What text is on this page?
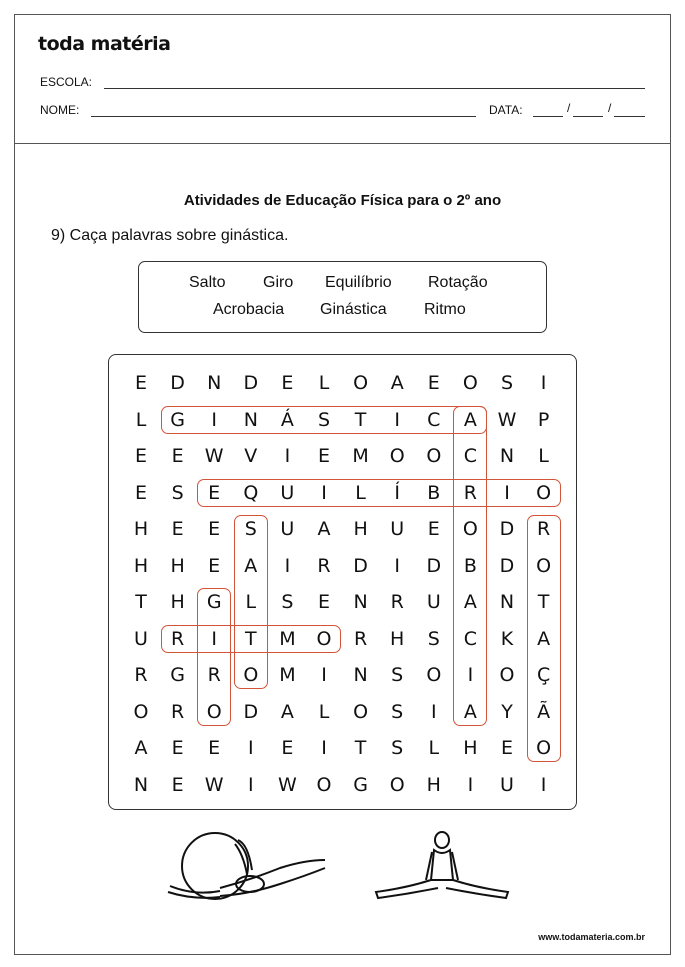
toda matéria
ESCOLA:
NOME:	DATA:	/	/
Atividades de Educação Física para o 2º ano
9) Caça palavras sobre ginástica.
Salto Giro Equilíbrio Rotação
Acrobacia Ginástica Ritmo
E	D	N	D	E	L	O	A	E	O	S	I
L	G	I	N	Á	S	T	I	C	A	W	P
E	E	W	V	I	E	M	O	O	C	N	L
E	S	E	Q	U	I	L	Í	B	R	I	O
H	E	E	S	U	A	H	U	E	O	D	R
H	H	E	A	I	R	D	I	D	B	D	O
T	H	G	L	S	E	N	R	U	A	N	T
U	R	I	T	M	O	R	H	S	C	K	A
R	G	R	O	M	I	N	S	O	I	O	Ç
O	R	O	D	A	L	O	S	I	A	Y	Ã
A	E	E	I	E	I	T	S	L	H	E	O
N	E	W	I	W	O	G	O	H	I	U	I
www.todamateria.com.br
